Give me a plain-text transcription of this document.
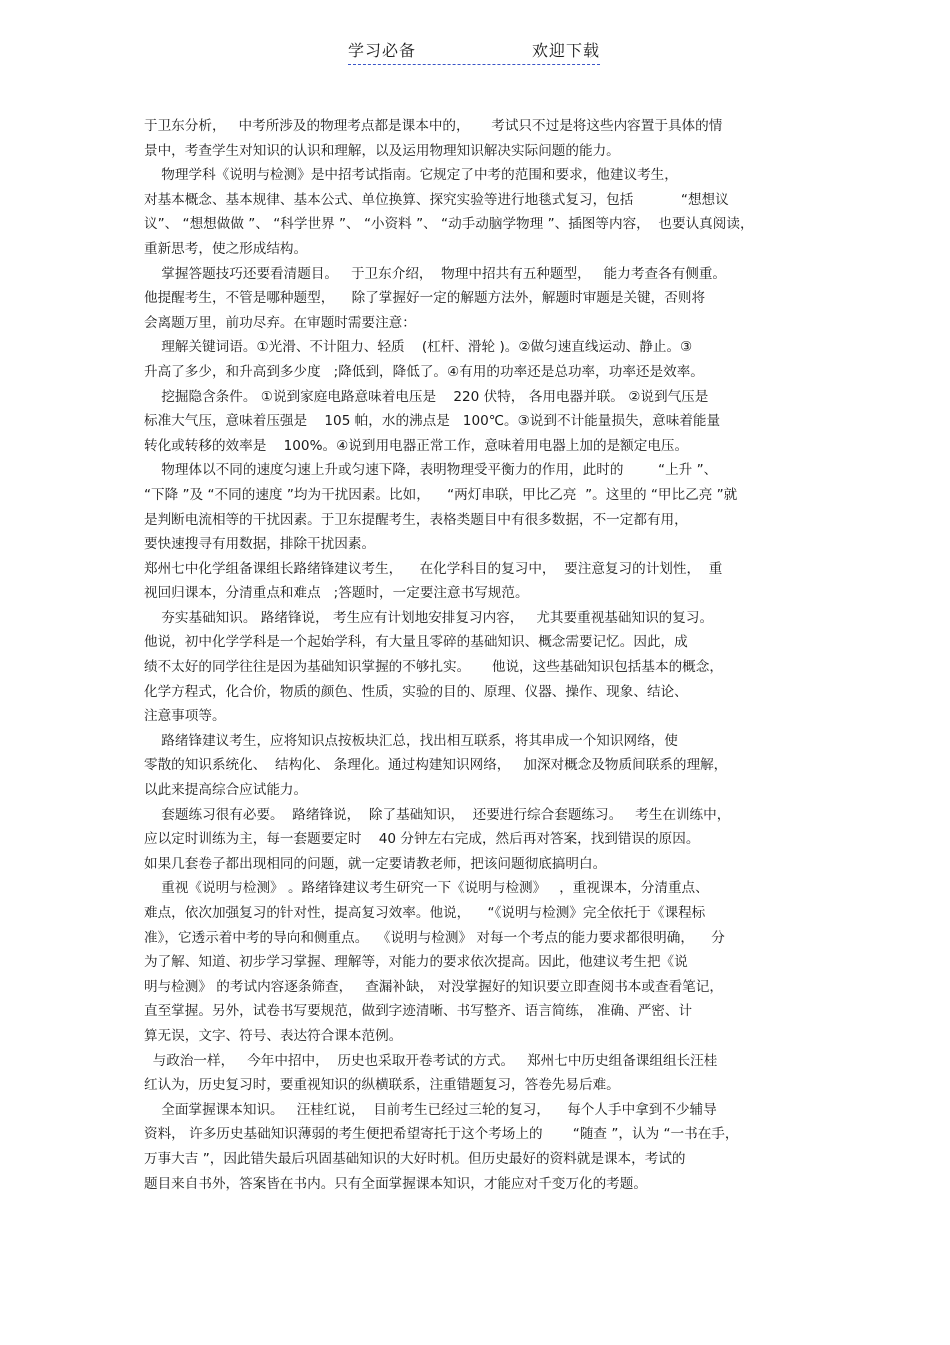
学习必备	欢迎下载
于卫东分析，   中考所涉及的物理考点都是课本中的，     考试只不过是将这些内容置于具体的情
景中，考查学生对知识的认识和理解，以及运用物理知识解决实际问题的能力。
物理学科《说明与检测》是中招考试指南。它规定了中考的范围和要求，他建议考生，
对基本概念、基本规律、基本公式、单位换算、探究实验等进行地毯式复习，包括           “想想议
议”、 “想想做做 ”、 “科学世界 ”、 “小资料 ”、 “动手动脑学物理 ”、插图等内容，  也要认真阅读，
重新思考，使之形成结构。
掌握答题技巧还要看清题目。   于卫东介绍，  物理中招共有五种题型，   能力考查各有侧重。
他提醒考生，不管是哪种题型，    除了掌握好一定的解题方法外，解题时审题是关键，否则将
会离题万里，前功尽弃。在审题时需要注意：
理解关键词语。①光滑、不计阻力、轻质    (杠杆、滑轮 )。②做匀速直线运动、静止。③
升高了多少，和升高到多少度   ;降低到，降低了。④有用的功率还是总功率，功率还是效率。
挖掘隐含条件。 ①说到家庭电路意味着电压是    220 伏特， 各用电器并联。 ②说到气压是
标准大气压，意味着压强是    105 帕，水的沸点是   100℃。③说到不计能量损失，意味着能量
转化或转移的效率是    100%。④说到用电器正常工作，意味着用电器上加的是额定电压。
物理体以不同的速度匀速上升或匀速下降，表明物理受平衡力的作用，此时的        “上升 ”、
“下降 ”及 “不同的速度 ”均为干扰因素。比如，    “两灯串联，甲比乙亮  ”。这里的 “甲比乙亮 ”就
是判断电流相等的干扰因素。于卫东提醒考生，表格类题目中有很多数据，不一定都有用，
要快速搜寻有用数据，排除干扰因素。
郑州七中化学组备课组长路绪锋建议考生，    在化学科目的复习中，  要注意复习的计划性，  重
视回归课本，分清重点和难点   ;答题时，一定要注意书写规范。
夯实基础知识。 路绪锋说， 考生应有计划地安排复习内容，   尤其要重视基础知识的复习。
他说，初中化学学科是一个起始学科，有大量且零碎的基础知识、概念需要记忆。因此，成
绩不太好的同学往往是因为基础知识掌握的不够扎实。     他说，这些基础知识包括基本的概念，
化学方程式，化合价，物质的颜色、性质，实验的目的、原理、仪器、操作、现象、结论、
注意事项等。
路绪锋建议考生，应将知识点按板块汇总，找出相互联系，将其串成一个知识网络，使
零散的知识系统化、  结构化、 条理化。通过构建知识网络，   加深对概念及物质间联系的理解，
以此来提高综合应试能力。
套题练习很有必要。  路绪锋说，  除了基础知识，  还要进行综合套题练习。   考生在训练中，
应以定时训练为主，每一套题要定时    40 分钟左右完成，然后再对答案，找到错误的原因。
如果几套卷子都出现相同的问题，就一定要请教老师，把该问题彻底搞明白。
重视《说明与检测》 。路绪锋建议考生研究一下《说明与检测》   ，重视课本，分清重点、
难点，依次加强复习的针对性，提高复习效率。他说，    “《说明与检测》完全依托于《课程标
准》，它透示着中考的导向和侧重点。  《说明与检测》 对每一个考点的能力要求都很明确，    分
为了解、知道、初步学习掌握、理解等，对能力的要求依次提高。因此，他建议考生把《说
明与检测》 的考试内容逐条筛查，   查漏补缺， 对没掌握好的知识要立即查阅书本或查看笔记，
直至掌握。另外，试卷书写要规范，做到字迹清晰、书写整齐、语言简练， 准确、严密、计
算无误，文字、符号、表达符合课本范例。
与政治一样，   今年中招中，  历史也采取开卷考试的方式。   郑州七中历史组备课组组长汪桂
红认为，历史复习时，要重视知识的纵横联系，注重错题复习，答卷先易后难。
全面掌握课本知识。   汪桂红说，  目前考生已经过三轮的复习，    每个人手中拿到不少辅导
资料， 许多历史基础知识薄弱的考生便把希望寄托于这个考场上的       “随查 ”，认为 “一书在手，
万事大吉 ”，因此错失最后巩固基础知识的大好时机。但历史最好的资料就是课本，考试的
题目来自书外，答案皆在书内。只有全面掌握课本知识，才能应对千变万化的考题。
